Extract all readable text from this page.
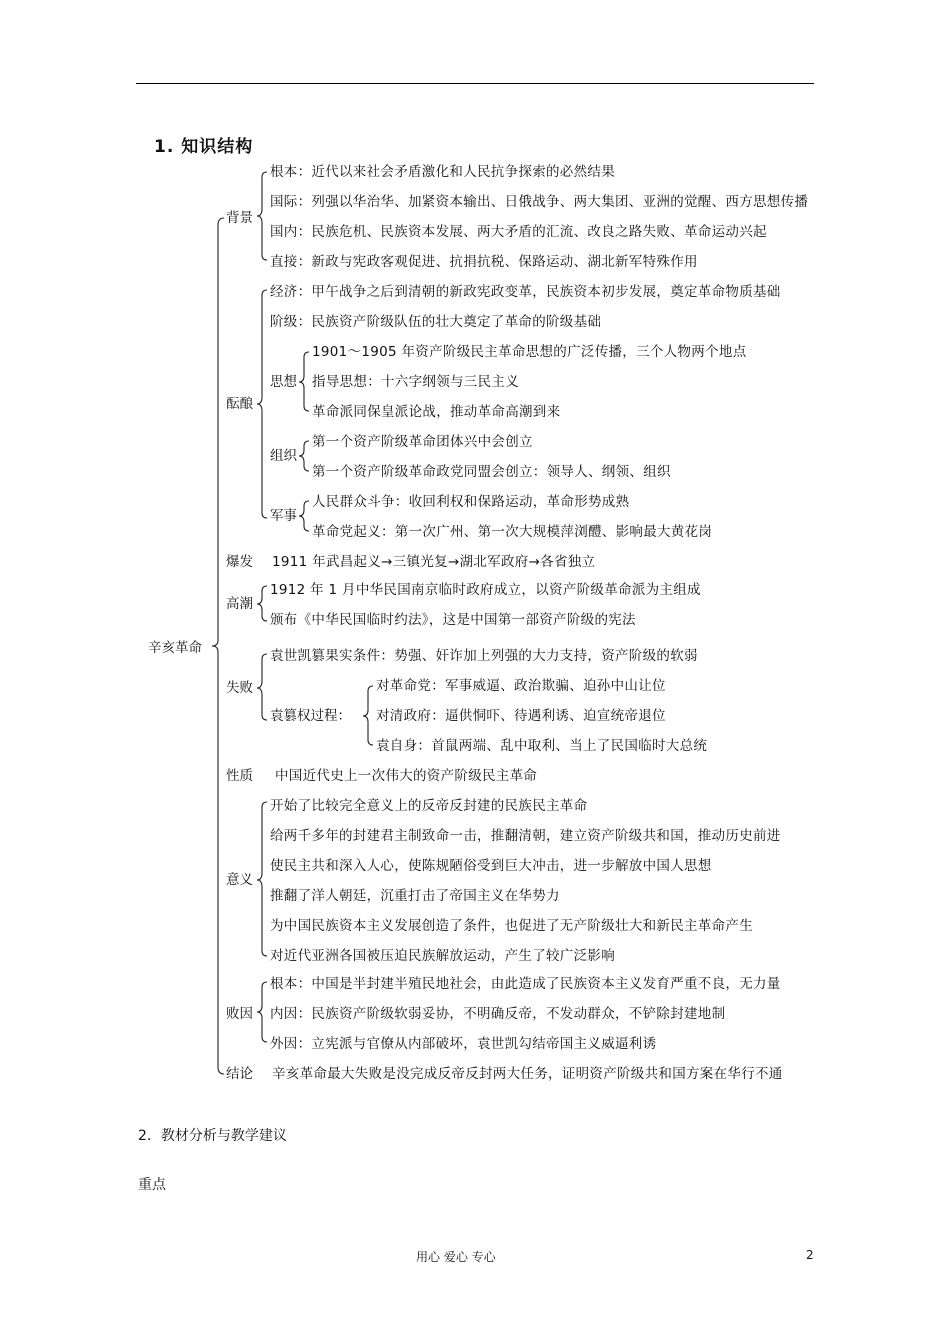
1. 知识结构
辛亥革命
背景
根本：近代以来社会矛盾激化和人民抗争探索的必然结果
国际：列强以华治华、加紧资本输出、日俄战争、两大集团、亚洲的觉醒、西方思想传播
国内：民族危机、民族资本发展、两大矛盾的汇流、改良之路失败、革命运动兴起
直接：新政与宪政客观促进、抗捐抗税、保路运动、湖北新军特殊作用
酝酿
经济：甲午战争之后到清朝的新政宪政变革，民族资本初步发展，奠定革命物质基础
阶级：民族资产阶级队伍的壮大奠定了革命的阶级基础
思想
1901～1905 年资产阶级民主革命思想的广泛传播，三个人物两个地点
指导思想：十六字纲领与三民主义
革命派同保皇派论战，推动革命高潮到来
组织
第一个资产阶级革命团体兴中会创立
第一个资产阶级革命政党同盟会创立：领导人、纲领、组织
军事
人民群众斗争：收回利权和保路运动，革命形势成熟
革命党起义：第一次广州、第一次大规模萍浏醴、影响最大黄花岗
爆发 1911 年武昌起义→三镇光复→湖北军政府→各省独立
高潮
1912 年 1 月中华民国南京临时政府成立，以资产阶级革命派为主组成
颁布《中华民国临时约法》，这是中国第一部资产阶级的宪法
失败
袁世凯篡果实条件：势强、奸诈加上列强的大力支持，资产阶级的软弱
袁篡权过程：
对革命党：军事威逼、政治欺骗、迫孙中山让位
对清政府：逼供恫吓、待遇利诱、迫宣统帝退位
袁自身：首鼠两端、乱中取利、当上了民国临时大总统
性质 中国近代史上一次伟大的资产阶级民主革命
意义
开始了比较完全意义上的反帝反封建的民族民主革命
给两千多年的封建君主制致命一击，推翻清朝，建立资产阶级共和国，推动历史前进
使民主共和深入人心，使陈规陋俗受到巨大冲击，进一步解放中国人思想
推翻了洋人朝廷，沉重打击了帝国主义在华势力
为中国民族资本主义发展创造了条件，也促进了无产阶级壮大和新民主革命产生
对近代亚洲各国被压迫民族解放运动，产生了较广泛影响
败因
根本：中国是半封建半殖民地社会，由此造成了民族资本主义发育严重不良，无力量
内因：民族资产阶级软弱妥协，不明确反帝，不发动群众，不铲除封建地制
外因：立宪派与官僚从内部破坏，袁世凯勾结帝国主义威逼利诱
结论 辛亥革命最大失败是没完成反帝反封两大任务，证明资产阶级共和国方案在华行不通
2．教材分析与教学建议
重点
用心 爱心 专心	2
